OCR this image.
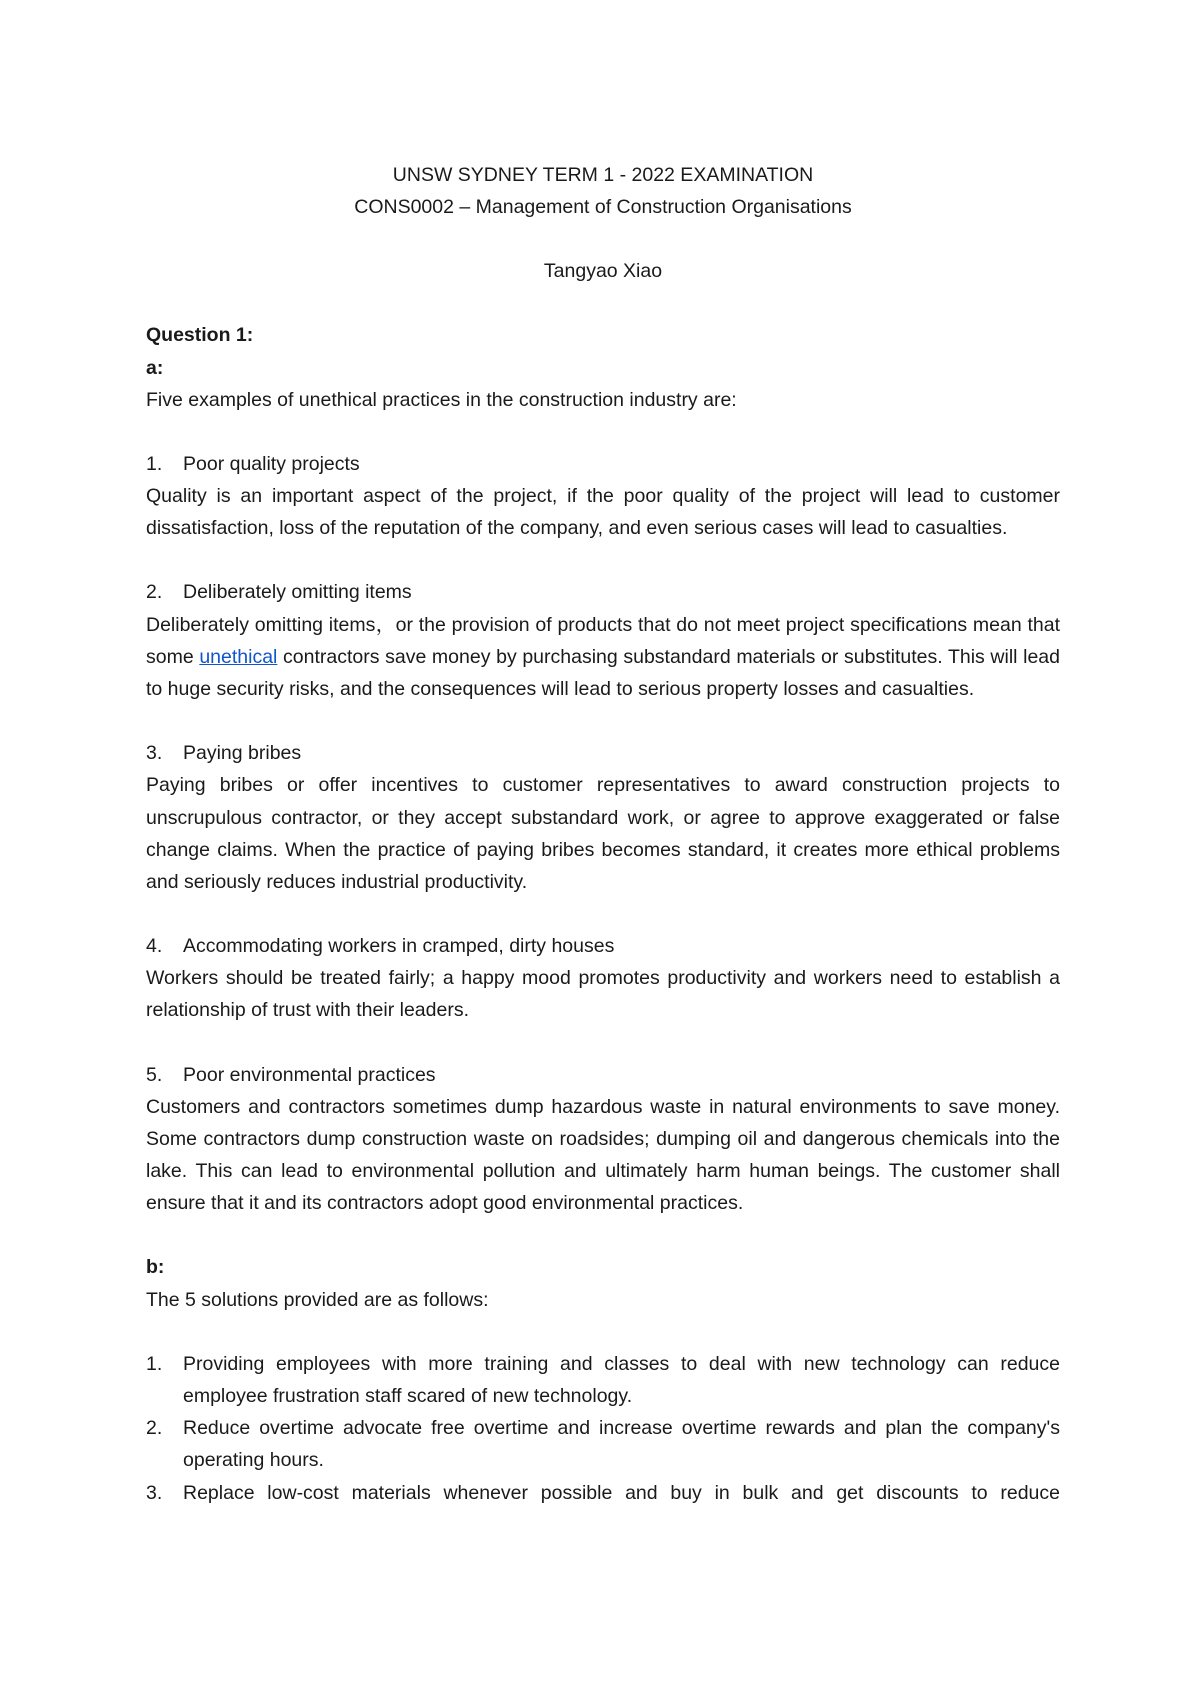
UNSW SYDNEY TERM 1 - 2022 EXAMINATION
CONS0002 – Management of Construction Organisations
Tangyao Xiao
Question 1:
a:
Five examples of unethical practices in the construction industry are:
1.	Poor quality projects
Quality is an important aspect of the project, if the poor quality of the project will lead to customer dissatisfaction, loss of the reputation of the company, and even serious cases will lead to casualties.
2.	Deliberately omitting items
Deliberately omitting items，or the provision of products that do not meet project specifications mean that some unethical contractors save money by purchasing substandard materials or substitutes. This will lead to huge security risks, and the consequences will lead to serious property losses and casualties.
3.	Paying bribes
Paying bribes or offer incentives to customer representatives to award construction projects to unscrupulous contractor, or they accept substandard work, or agree to approve exaggerated or false change claims. When the practice of paying bribes becomes standard, it creates more ethical problems and seriously reduces industrial productivity.
4.	Accommodating workers in cramped, dirty houses
Workers should be treated fairly; a happy mood promotes productivity and workers need to establish a relationship of trust with their leaders.
5.	Poor environmental practices
Customers and contractors sometimes dump hazardous waste in natural environments to save money. Some contractors dump construction waste on roadsides; dumping oil and dangerous chemicals into the lake. This can lead to environmental pollution and ultimately harm human beings. The customer shall ensure that it and its contractors adopt good environmental practices.
b:
The 5 solutions provided are as follows:
1.	Providing employees with more training and classes to deal with new technology can reduce employee frustration staff scared of new technology.
2.	Reduce overtime advocate free overtime and increase overtime rewards and plan the company's operating hours.
3.	Replace low-cost materials whenever possible and buy in bulk and get discounts to reduce
